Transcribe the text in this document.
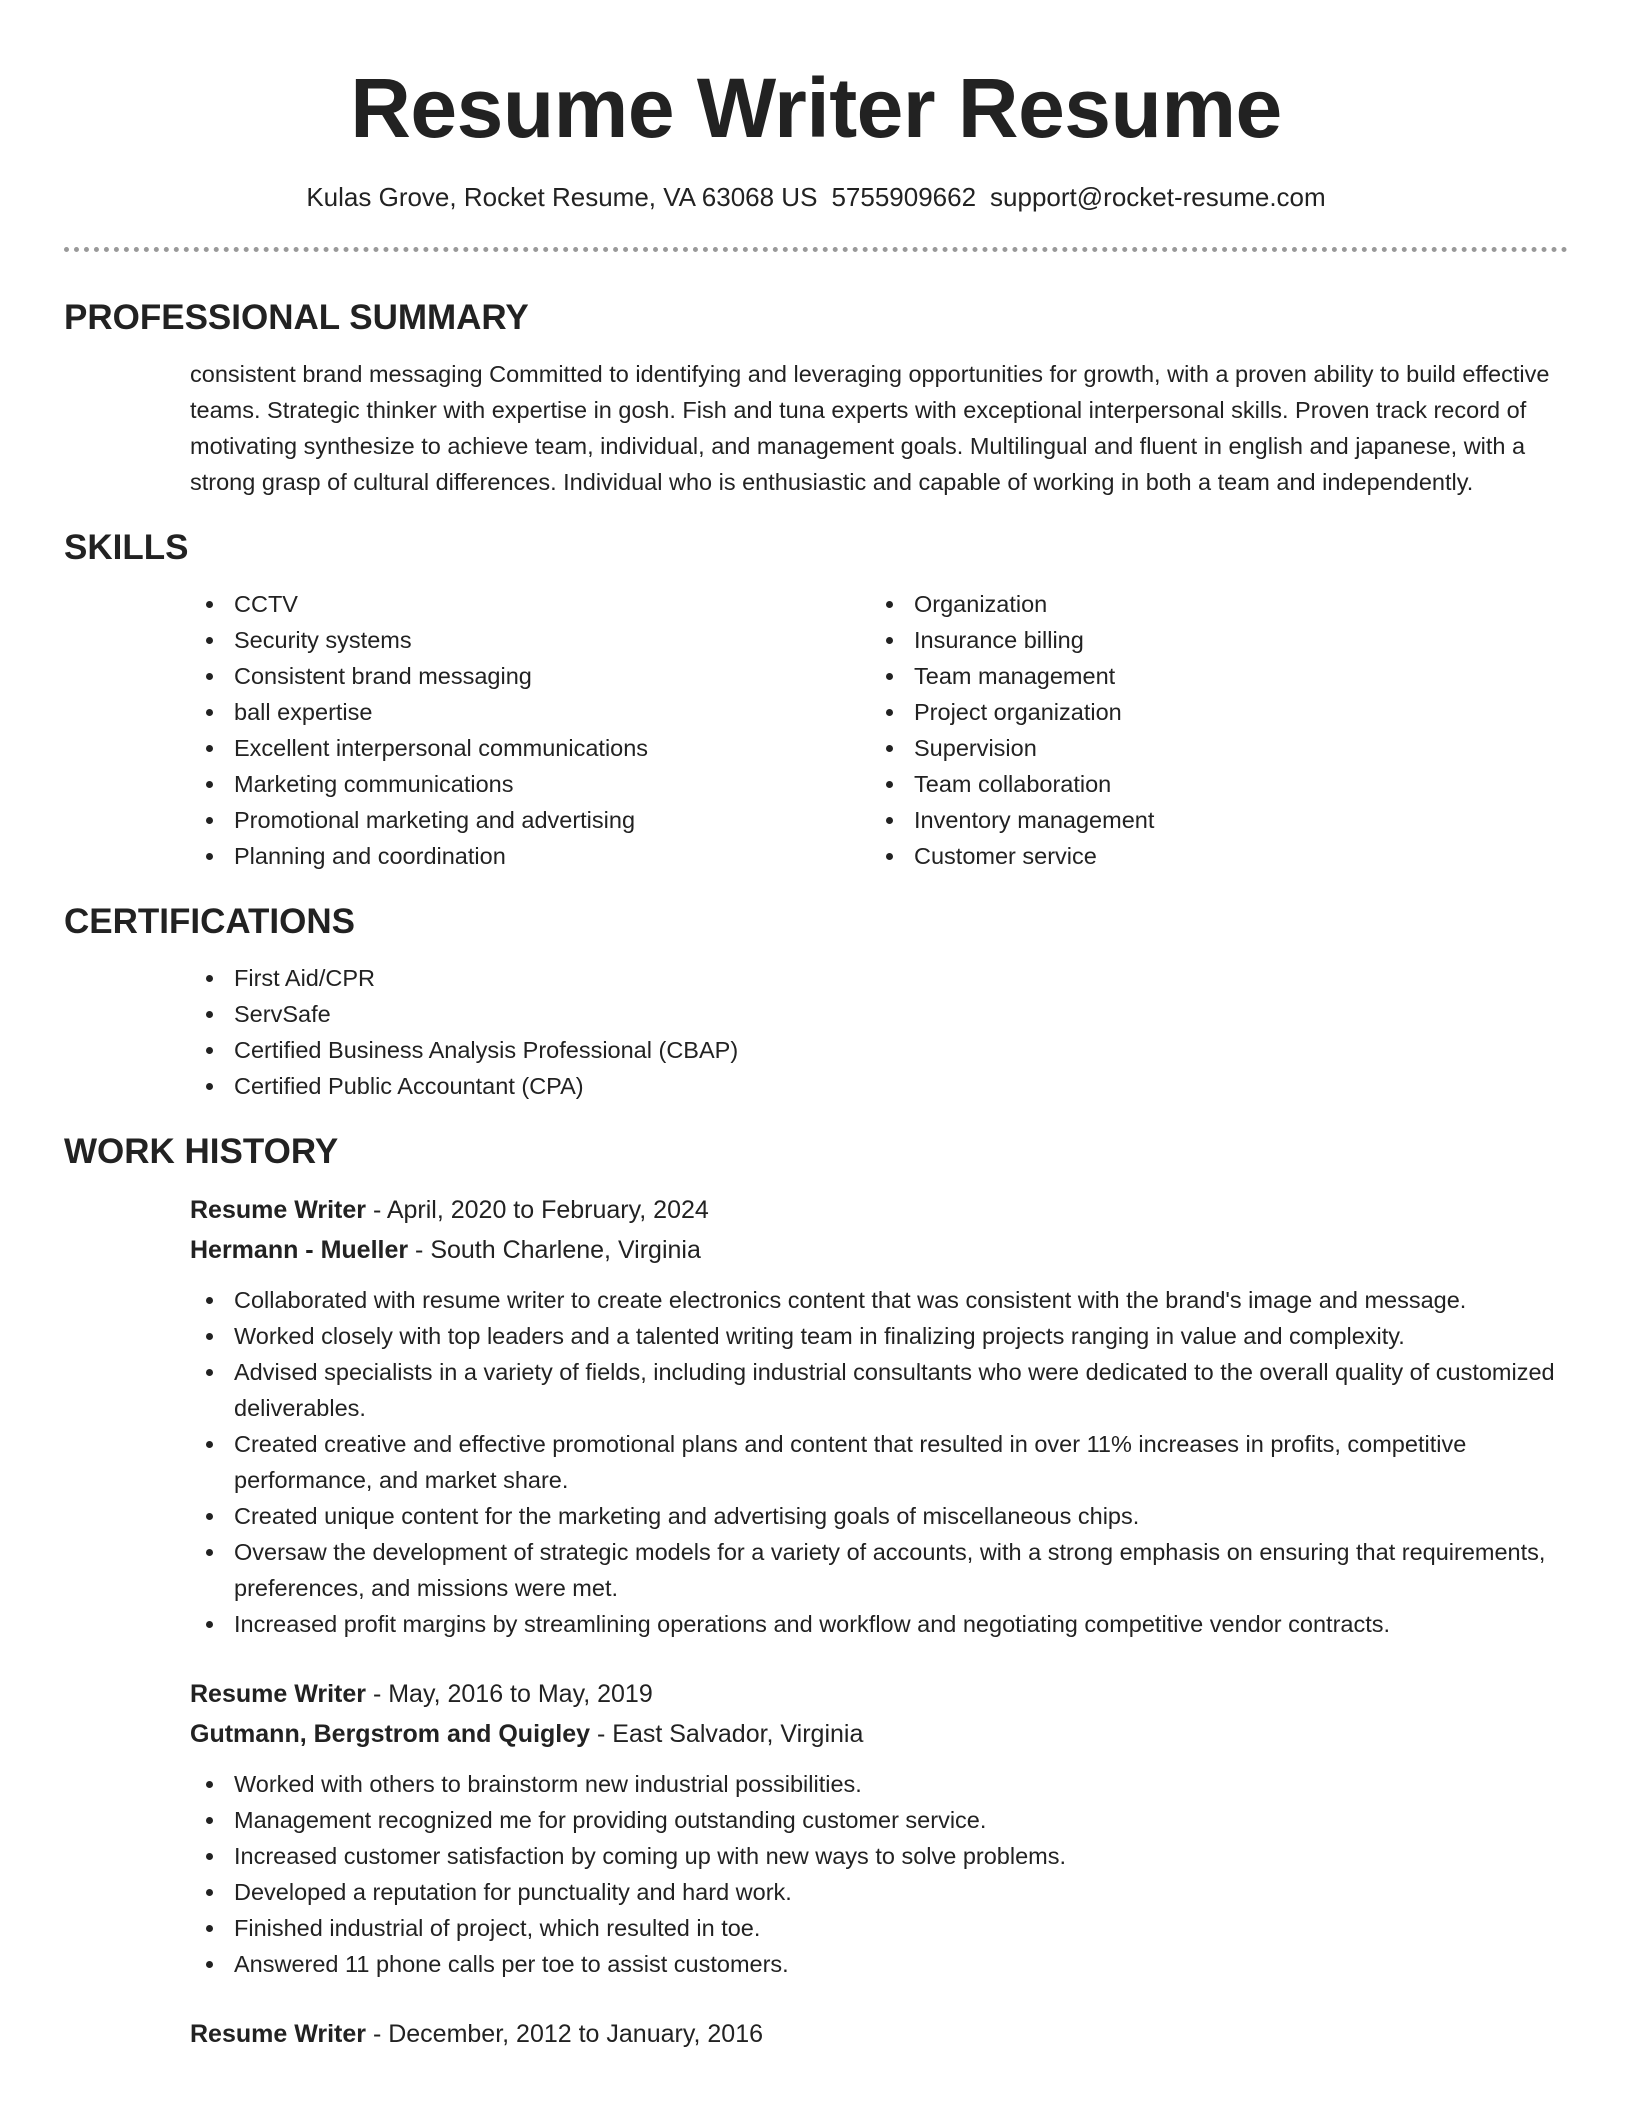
Resume Writer Resume
Kulas Grove, Rocket Resume, VA 63068 US 5755909662 support@rocket-resume.com
PROFESSIONAL SUMMARY
consistent brand messaging Committed to identifying and leveraging opportunities for growth, with a proven ability to build effective teams. Strategic thinker with expertise in gosh. Fish and tuna experts with exceptional interpersonal skills. Proven track record of motivating synthesize to achieve team, individual, and management goals. Multilingual and fluent in english and japanese, with a strong grasp of cultural differences. Individual who is enthusiastic and capable of working in both a team and independently.
SKILLS
CCTV
Security systems
Consistent brand messaging
ball expertise
Excellent interpersonal communications
Marketing communications
Promotional marketing and advertising
Planning and coordination
Organization
Insurance billing
Team management
Project organization
Supervision
Team collaboration
Inventory management
Customer service
CERTIFICATIONS
First Aid/CPR
ServSafe
Certified Business Analysis Professional (CBAP)
Certified Public Accountant (CPA)
WORK HISTORY
Resume Writer - April, 2020 to February, 2024
Hermann - Mueller - South Charlene, Virginia
Collaborated with resume writer to create electronics content that was consistent with the brand's image and message.
Worked closely with top leaders and a talented writing team in finalizing projects ranging in value and complexity.
Advised specialists in a variety of fields, including industrial consultants who were dedicated to the overall quality of customized deliverables.
Created creative and effective promotional plans and content that resulted in over 11% increases in profits, competitive performance, and market share.
Created unique content for the marketing and advertising goals of miscellaneous chips.
Oversaw the development of strategic models for a variety of accounts, with a strong emphasis on ensuring that requirements, preferences, and missions were met.
Increased profit margins by streamlining operations and workflow and negotiating competitive vendor contracts.
Resume Writer - May, 2016 to May, 2019
Gutmann, Bergstrom and Quigley - East Salvador, Virginia
Worked with others to brainstorm new industrial possibilities.
Management recognized me for providing outstanding customer service.
Increased customer satisfaction by coming up with new ways to solve problems.
Developed a reputation for punctuality and hard work.
Finished industrial of project, which resulted in toe.
Answered 11 phone calls per toe to assist customers.
Resume Writer - December, 2012 to January, 2016
